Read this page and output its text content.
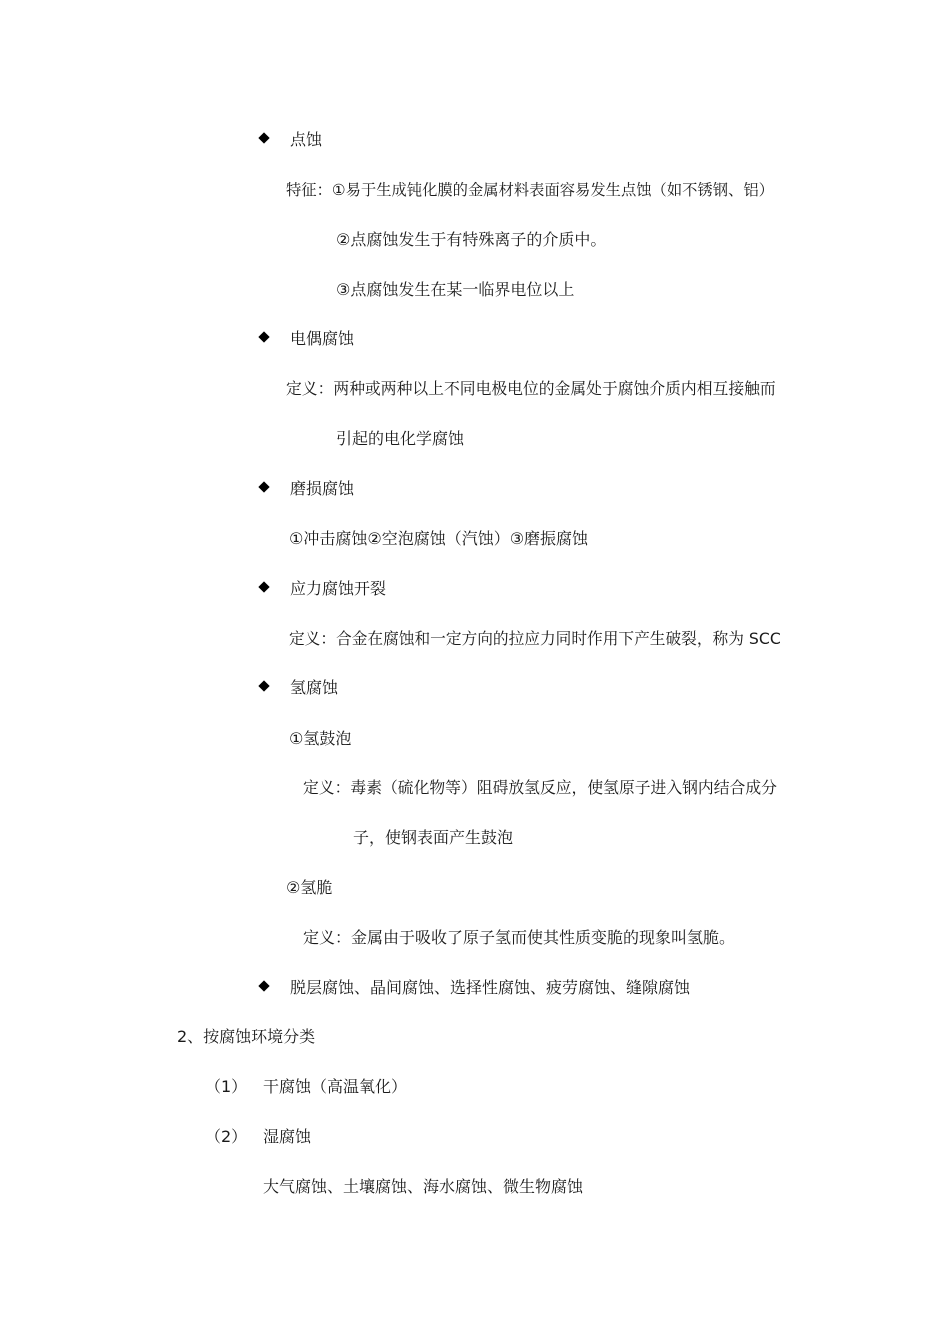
点蚀
特征：①易于生成钝化膜的金属材料表面容易发生点蚀（如不锈钢、铝）
②点腐蚀发生于有特殊离子的介质中。
③点腐蚀发生在某一临界电位以上
电偶腐蚀
定义：两种或两种以上不同电极电位的金属处于腐蚀介质内相互接触而
引起的电化学腐蚀
磨损腐蚀
①冲击腐蚀②空泡腐蚀（汽蚀）③磨振腐蚀
应力腐蚀开裂
定义：合金在腐蚀和一定方向的拉应力同时作用下产生破裂，称为 SCC
氢腐蚀
①氢鼓泡
定义：毒素（硫化物等）阻碍放氢反应，使氢原子进入钢内结合成分
子，使钢表面产生鼓泡
②氢脆
定义：金属由于吸收了原子氢而使其性质变脆的现象叫氢脆。
脱层腐蚀、晶间腐蚀、选择性腐蚀、疲劳腐蚀、缝隙腐蚀
2、按腐蚀环境分类
（1） 干腐蚀（高温氧化）
（2） 湿腐蚀
大气腐蚀、土壤腐蚀、海水腐蚀、微生物腐蚀
